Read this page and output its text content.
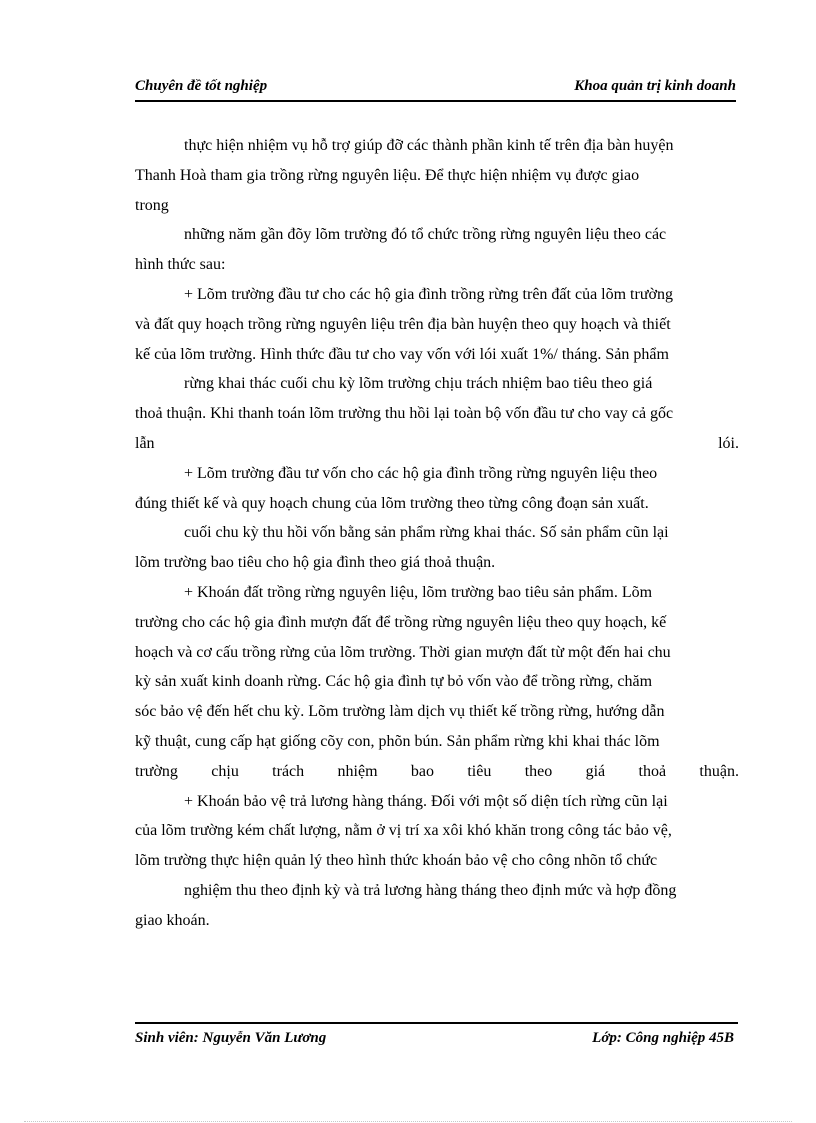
Chuyên đề tốt nghiệp	Khoa quản trị kinh doanh
thực hiện nhiệm vụ hỗ trợ giúp đỡ các thành phần kinh tế trên địa bàn huyện
Thanh Hoà tham gia trồng rừng nguyên liệu. Để thực hiện nhiệm vụ được giao
trong
những năm gần đõy lõm trường đó tổ chức trồng rừng nguyên liệu theo các
hình thức sau:
+ Lõm trường đầu tư cho các hộ gia đình trồng rừng trên đất của lõm trường
và đất quy hoạch trồng rừng nguyên liệu trên địa bàn huyện theo quy hoạch và thiết
kế của lõm trường. Hình thức đầu tư cho vay vốn với lói xuất 1%/ tháng. Sản phẩm
rừng khai thác cuối chu kỳ lõm trường chịu trách nhiệm bao tiêu theo giá
thoả thuận. Khi thanh toán lõm trường thu hồi lại toàn bộ vốn đầu tư cho vay cả gốc
lẫn	lói.
+ Lõm trường đầu tư vốn cho các hộ gia đình trồng rừng nguyên liệu theo
đúng thiết kế và quy hoạch chung của lõm trường theo từng công đoạn sản xuất.
cuối chu kỳ thu hồi vốn bằng sản phẩm rừng khai thác. Số sản phẩm cũn lại
lõm trường bao tiêu cho hộ gia đình theo giá thoả thuận.
+ Khoán đất trồng rừng nguyên liệu, lõm trường bao tiêu sản phẩm. Lõm
trường cho các hộ gia đình mượn đất để trồng rừng nguyên liệu theo quy hoạch, kế
hoạch và cơ cấu trồng rừng của lõm trường. Thời gian mượn đất từ một đến hai chu
kỳ sản xuất kinh doanh rừng. Các hộ gia đình tự bỏ vốn vào để trồng rừng, chăm
sóc bảo vệ đến hết chu kỳ. Lõm trường làm dịch vụ thiết kế trồng rừng, hướng dẫn
kỹ thuật, cung cấp hạt giống cõy con, phõn bún. Sản phẩm rừng khi khai thác lõm
trường chịu trách nhiệm bao tiêu theo giá thoả thuận.
+ Khoán bảo vệ trả lương hàng tháng. Đối với một số diện tích rừng cũn lại
của lõm trường kém chất lượng, nằm ở vị trí xa xôi khó khăn trong công tác bảo vệ,
lõm trường thực hiện quản lý theo hình thức khoán bảo vệ cho công nhõn tổ chức
nghiệm thu theo định kỳ và trả lương hàng tháng theo định mức và hợp đồng
giao khoán.
Sinh viên: Nguyễn Văn Lương	Lớp: Công nghiệp 45B
